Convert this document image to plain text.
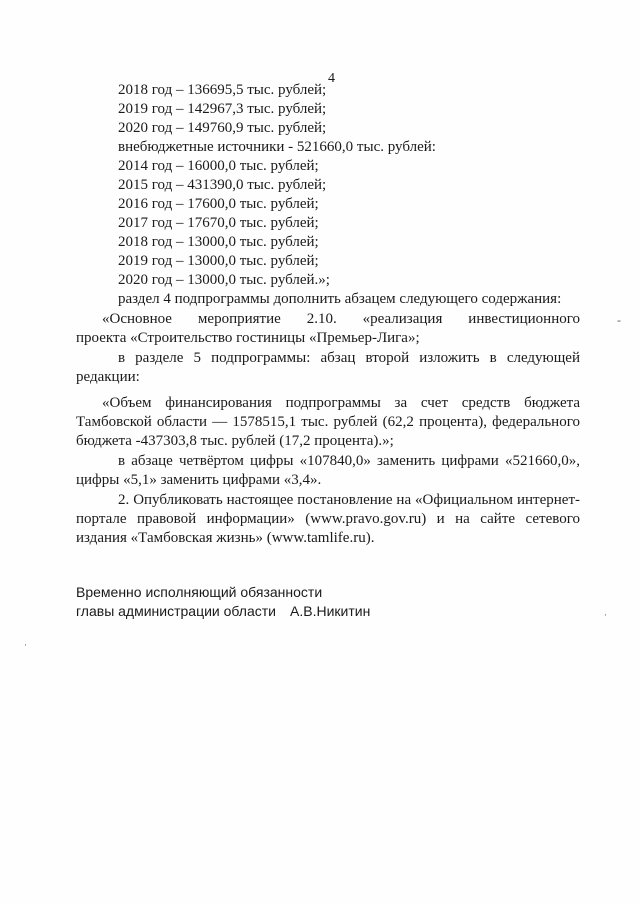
4
2018 год – 136695,5 тыс. рублей;
2019 год – 142967,3 тыс. рублей;
2020 год – 149760,9 тыс. рублей;
внебюджетные источники - 521660,0 тыс. рублей:
2014 год – 16000,0 тыс. рублей;
2015 год – 431390,0 тыс. рублей;
2016 год – 17600,0 тыс. рублей;
2017 год – 17670,0 тыс. рублей;
2018 год – 13000,0 тыс. рублей;
2019 год – 13000,0 тыс. рублей;
2020 год – 13000,0 тыс. рублей.»;
раздел 4 подпрограммы дополнить абзацем следующего содержания:
«Основное мероприятие 2.10. «реализация инвестиционного
проекта «Строительство гостиницы «Премьер-Лига»;
в разделе 5 подпрограммы: абзац второй изложить в следующей
редакции:
«Объем финансирования подпрограммы за счет средств бюджета
Тамбовской области — 1578515,1 тыс. рублей (62,2 процента), федерального
бюджета -437303,8 тыс. рублей (17,2 процента).»;
в абзаце четвёртом цифры «107840,0» заменить цифрами «521660,0»,
цифры «5,1» заменить цифрами «3,4».
2. Опубликовать настоящее постановление на «Официальном интернет-
портале правовой информации» (www.pravo.gov.ru) и на сайте сетевого
издания «Тамбовская жизнь» (www.tamlife.ru).
Временно исполняющий обязанности
главы администрации области А.В.Никитин
-
·
·
